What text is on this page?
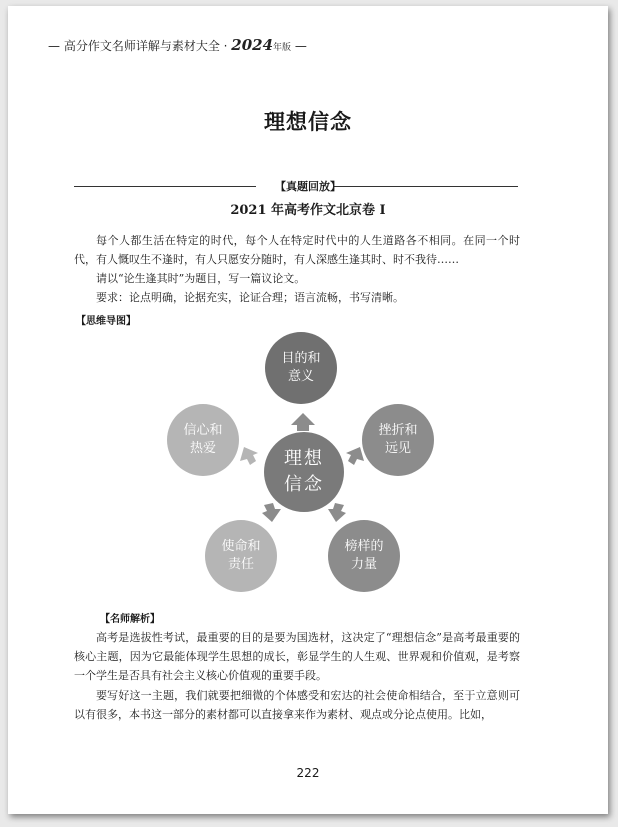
— 高分作文名师详解与素材大全 · 2024年版 —
理想信念
【真题回放】
2021 年高考作文北京卷 I
每个人都生活在特定的时代，每个人在特定时代中的人生道路各不相同。在同一个时代，有人慨叹生不逢时，有人只愿安分随时，有人深感生逢其时、时不我待……
请以“论生逢其时”为题目，写一篇议论文。
要求：论点明确，论据充实，论证合理；语言流畅，书写清晰。
【思维导图】
目的和
意义
挫折和
远见
榜样的
力量
使命和
责任
信心和
热爱	理想
信念
【名师解析】
高考是选拔性考试，最重要的目的是要为国选材，这决定了“理想信念”是高考最重要的核心主题，因为它最能体现学生思想的成长，彰显学生的人生观、世界观和价值观，是考察一个学生是否具有社会主义核心价值观的重要手段。
要写好这一主题，我们就要把细微的个体感受和宏达的社会使命相结合，至于立意则可以有很多，本书这一部分的素材都可以直接拿来作为素材、观点或分论点使用。比如，
222
